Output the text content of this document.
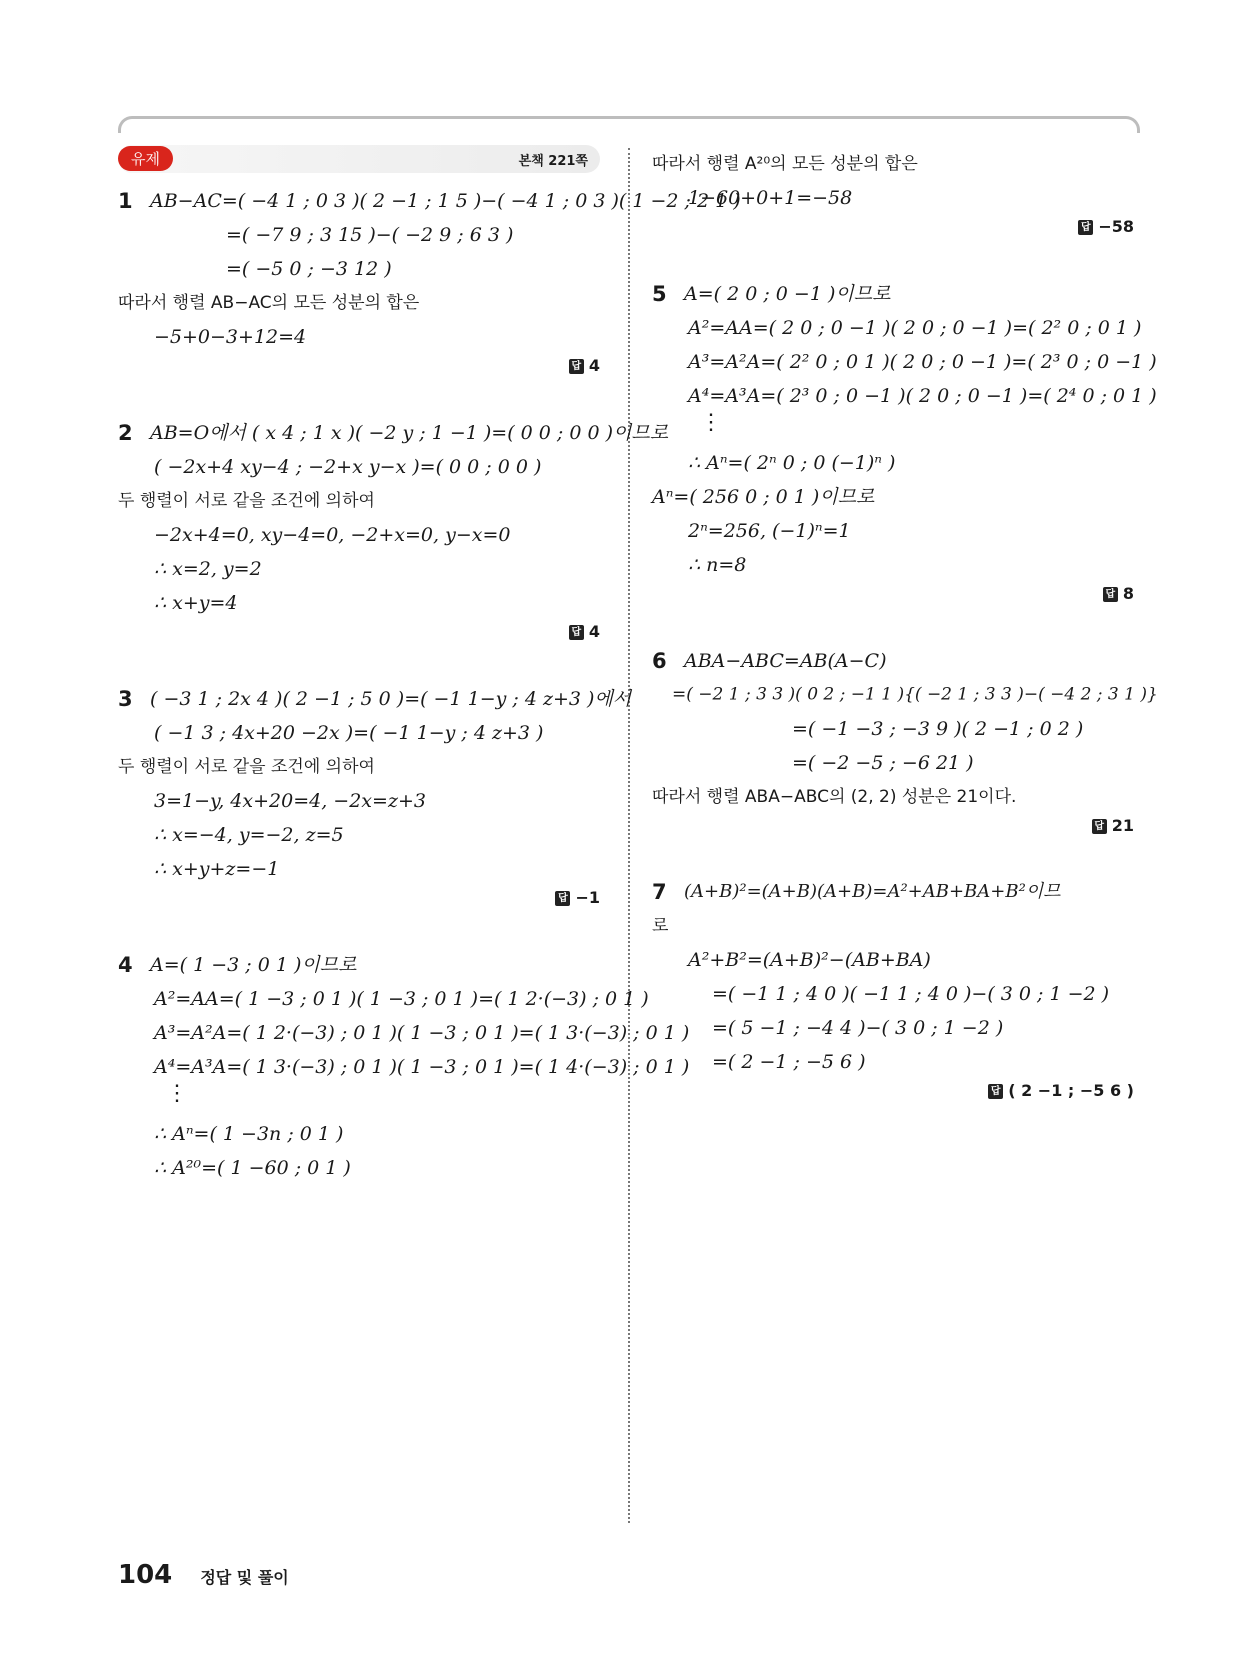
유제	본책 221쪽
1 AB−AC=( −4 1 ; 0 3 )( 2 −1 ; 1 5 )−( −4 1 ; 0 3 )( 1 −2 ; 2 1 )
=( −7 9 ; 3 15 )−( −2 9 ; 6 3 )
=( −5 0 ; −3 12 )
따라서 행렬 AB−AC의 모든 성분의 합은
−5+0−3+12=4
답 4
2 AB=O에서 ( x 4 ; 1 x )( −2 y ; 1 −1 )=( 0 0 ; 0 0 )이므로
( −2x+4 xy−4 ; −2+x y−x )=( 0 0 ; 0 0 )
두 행렬이 서로 같을 조건에 의하여
−2x+4=0, xy−4=0, −2+x=0, y−x=0
∴ x=2, y=2
∴ x+y=4
답 4
3 ( −3 1 ; 2x 4 )( 2 −1 ; 5 0 )=( −1 1−y ; 4 z+3 )에서
( −1 3 ; 4x+20 −2x )=( −1 1−y ; 4 z+3 )
두 행렬이 서로 같을 조건에 의하여
3=1−y, 4x+20=4, −2x=z+3
∴ x=−4, y=−2, z=5
∴ x+y+z=−1
답 −1
4 A=( 1 −3 ; 0 1 )이므로
A²=AA=( 1 −3 ; 0 1 )( 1 −3 ; 0 1 )=( 1 2·(−3) ; 0 1 )
A³=A²A=( 1 2·(−3) ; 0 1 )( 1 −3 ; 0 1 )=( 1 3·(−3) ; 0 1 )
A⁴=A³A=( 1 3·(−3) ; 0 1 )( 1 −3 ; 0 1 )=( 1 4·(−3) ; 0 1 )
⋮
∴ Aⁿ=( 1 −3n ; 0 1 )
∴ A²⁰=( 1 −60 ; 0 1 )
따라서 행렬 A²⁰의 모든 성분의 합은
1−60+0+1=−58
답 −58
5 A=( 2 0 ; 0 −1 )이므로
A²=AA=( 2 0 ; 0 −1 )( 2 0 ; 0 −1 )=( 2² 0 ; 0 1 )
A³=A²A=( 2² 0 ; 0 1 )( 2 0 ; 0 −1 )=( 2³ 0 ; 0 −1 )
A⁴=A³A=( 2³ 0 ; 0 −1 )( 2 0 ; 0 −1 )=( 2⁴ 0 ; 0 1 )
⋮
∴ Aⁿ=( 2ⁿ 0 ; 0 (−1)ⁿ )
Aⁿ=( 256 0 ; 0 1 )이므로
2ⁿ=256, (−1)ⁿ=1
∴ n=8
답 8
6 ABA−ABC=AB(A−C)
=( −2 1 ; 3 3 )( 0 2 ; −1 1 ){( −2 1 ; 3 3 )−( −4 2 ; 3 1 )}
=( −1 −3 ; −3 9 )( 2 −1 ; 0 2 )
=( −2 −5 ; −6 21 )
따라서 행렬 ABA−ABC의 (2, 2) 성분은 21이다.
답 21
7 (A+B)²=(A+B)(A+B)=A²+AB+BA+B²이므
로
A²+B²=(A+B)²−(AB+BA)
=( −1 1 ; 4 0 )( −1 1 ; 4 0 )−( 3 0 ; 1 −2 )
=( 5 −1 ; −4 4 )−( 3 0 ; 1 −2 )
=( 2 −1 ; −5 6 )
답 ( 2 −1 ; −5 6 )
104 정답 및 풀이
